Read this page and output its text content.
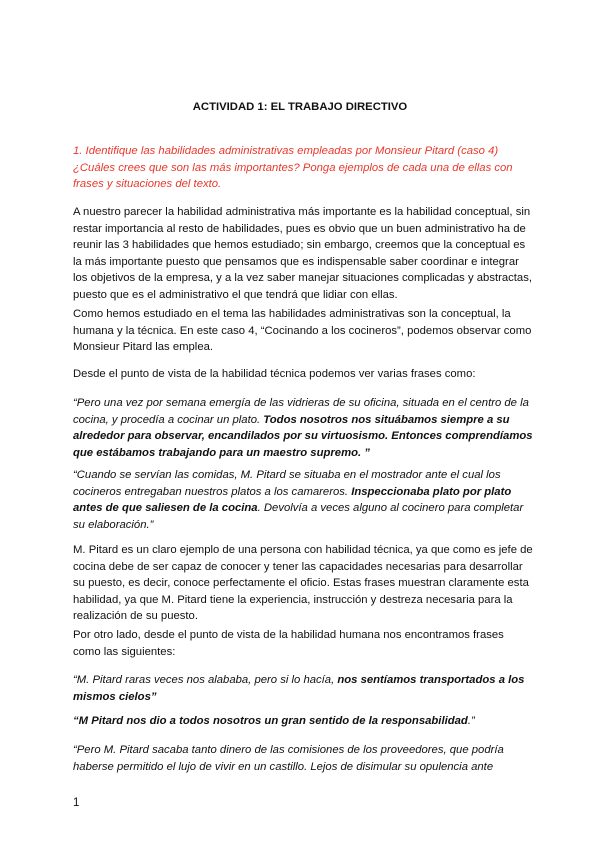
ACTIVIDAD 1: EL TRABAJO DIRECTIVO
1. Identifique las habilidades administrativas empleadas por Monsieur Pitard (caso 4) ¿Cuáles crees que son las más importantes? Ponga ejemplos de cada una de ellas con frases y situaciones del texto.
A nuestro parecer la habilidad administrativa más importante es la habilidad conceptual, sin restar importancia al resto de habilidades, pues es obvio que un buen administrativo ha de reunir las 3 habilidades que hemos estudiado; sin embargo, creemos que la conceptual es la más importante puesto que pensamos que es indispensable saber coordinar e integrar los objetivos de la empresa, y a la vez saber manejar situaciones complicadas y abstractas, puesto que es el administrativo el que tendrá que lidiar con ellas.
Como hemos estudiado en el tema las habilidades administrativas son la conceptual, la humana y la técnica. En este caso 4, “Cocinando a los cocineros”, podemos observar como Monsieur Pitard las emplea.
Desde el punto de vista de la habilidad técnica podemos ver varias frases como:
“Pero una vez por semana emergía de las vidrieras de su oficina, situada en el centro de la cocina, y procedía a cocinar un plato. Todos nosotros nos situábamos siempre a su alrededor para observar, encandilados por su virtuosismo. Entonces comprendíamos que estábamos trabajando para un maestro supremo. ”
“Cuando se servían las comidas, M. Pitard se situaba en el mostrador ante el cual los cocineros entregaban nuestros platos a los camareros. Inspeccionaba plato por plato antes de que saliesen de la cocina. Devolvía a veces alguno al cocinero para completar su elaboración.”
M. Pitard es un claro ejemplo de una persona con habilidad técnica, ya que como es jefe de cocina debe de ser capaz de conocer y tener las capacidades necesarias para desarrollar su puesto, es decir, conoce perfectamente el oficio. Estas frases muestran claramente esta habilidad, ya que M. Pitard tiene la experiencia, instrucción y destreza necesaria para la realización de su puesto.
Por otro lado, desde el punto de vista de la habilidad humana nos encontramos frases como las siguientes:
“M. Pitard raras veces nos alababa, pero si lo hacía, nos sentíamos transportados a los mismos cielos”
“M Pitard nos dio a todos nosotros un gran sentido de la responsabilidad.”
“Pero M. Pitard sacaba tanto dinero de las comisiones de los proveedores, que podría haberse permitido el lujo de vivir en un castillo. Lejos de disimular su opulencia ante
1
